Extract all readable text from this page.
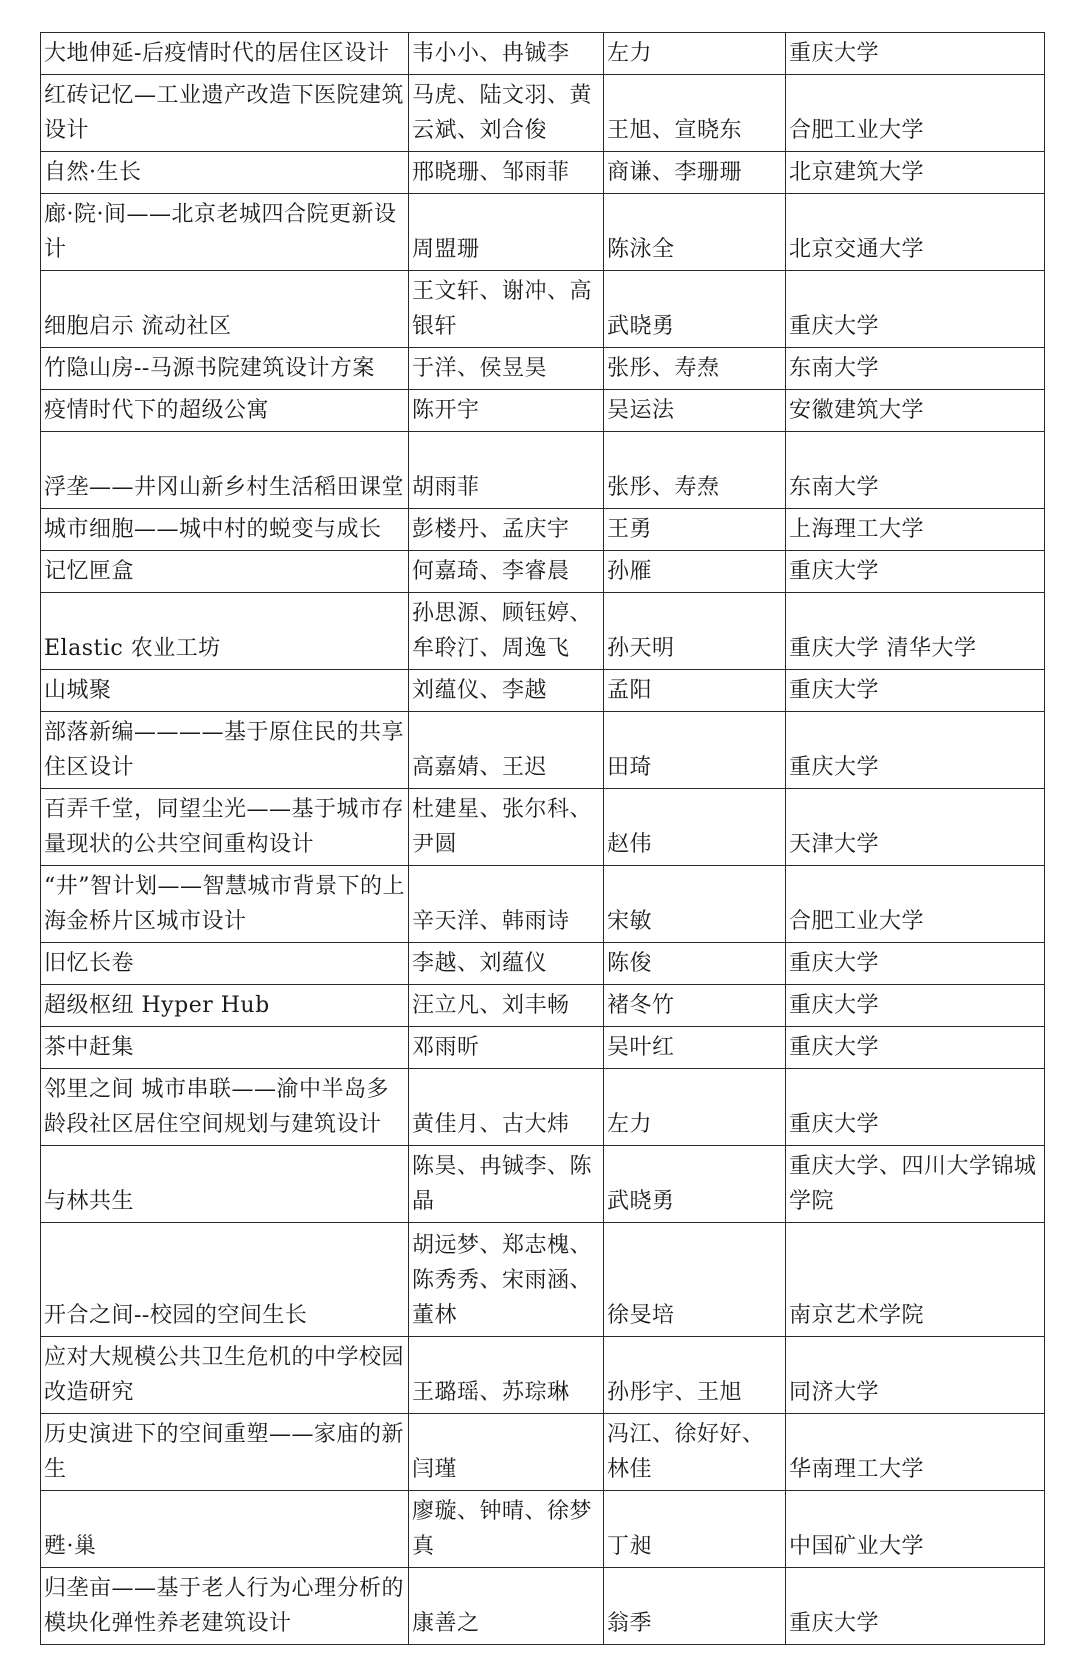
大地伸延-后疫情时代的居住区设计	韦小小、冉铖李	左力	重庆大学
红砖记忆—工业遗产改造下医院建筑设计	马虎、陆文羽、黄云斌、刘合俊	王旭、宣晓东	合肥工业大学
自然·生长	邢晓珊、邹雨菲	商谦、李珊珊	北京建筑大学
廊·院·间——北京老城四合院更新设计	周盟珊	陈泳全	北京交通大学
细胞启示 流动社区	王文轩、谢冲、高银轩	武晓勇	重庆大学
竹隐山房--马源书院建筑设计方案	于洋、侯昱昊	张彤、寿焘	东南大学
疫情时代下的超级公寓	陈开宇	吴运法	安徽建筑大学
浮垄——井冈山新乡村生活稻田课堂	胡雨菲	张彤、寿焘	东南大学
城市细胞——城中村的蜕变与成长	彭楼丹、孟庆宇	王勇	上海理工大学
记忆匣盒	何嘉琦、李睿晨	孙雁	重庆大学
Elastic 农业工坊	孙思源、顾钰婷、牟聆汀、周逸飞	孙天明	重庆大学 清华大学
山城聚	刘蕴仪、李越	孟阳	重庆大学
部落新编————基于原住民的共享住区设计	高嘉婧、王迟	田琦	重庆大学
百弄千堂，同望尘光——基于城市存量现状的公共空间重构设计	杜建星、张尔科、尹圆	赵伟	天津大学
“井”智计划——智慧城市背景下的上海金桥片区城市设计	辛天洋、韩雨诗	宋敏	合肥工业大学
旧忆长卷	李越、刘蕴仪	陈俊	重庆大学
超级枢纽 Hyper Hub	汪立凡、刘丰畅	褚冬竹	重庆大学
茶中赶集	邓雨昕	吴叶红	重庆大学
邻里之间 城市串联——渝中半岛多龄段社区居住空间规划与建筑设计	黄佳月、古大炜	左力	重庆大学
与林共生	陈昊、冉铖李、陈晶	武晓勇	重庆大学、四川大学锦城学院
开合之间--校园的空间生长	胡远梦、郑志槐、陈秀秀、宋雨涵、董林	徐旻培	南京艺术学院
应对大规模公共卫生危机的中学校园改造研究	王璐瑶、苏琮琳	孙彤宇、王旭	同济大学
历史演进下的空间重塑——家庙的新生	闫瑾	冯江、徐好好、林佳	华南理工大学
甦·巢	廖璇、钟晴、徐梦真	丁昶	中国矿业大学
归垄亩——基于老人行为心理分析的模块化弹性养老建筑设计	康善之	翁季	重庆大学
